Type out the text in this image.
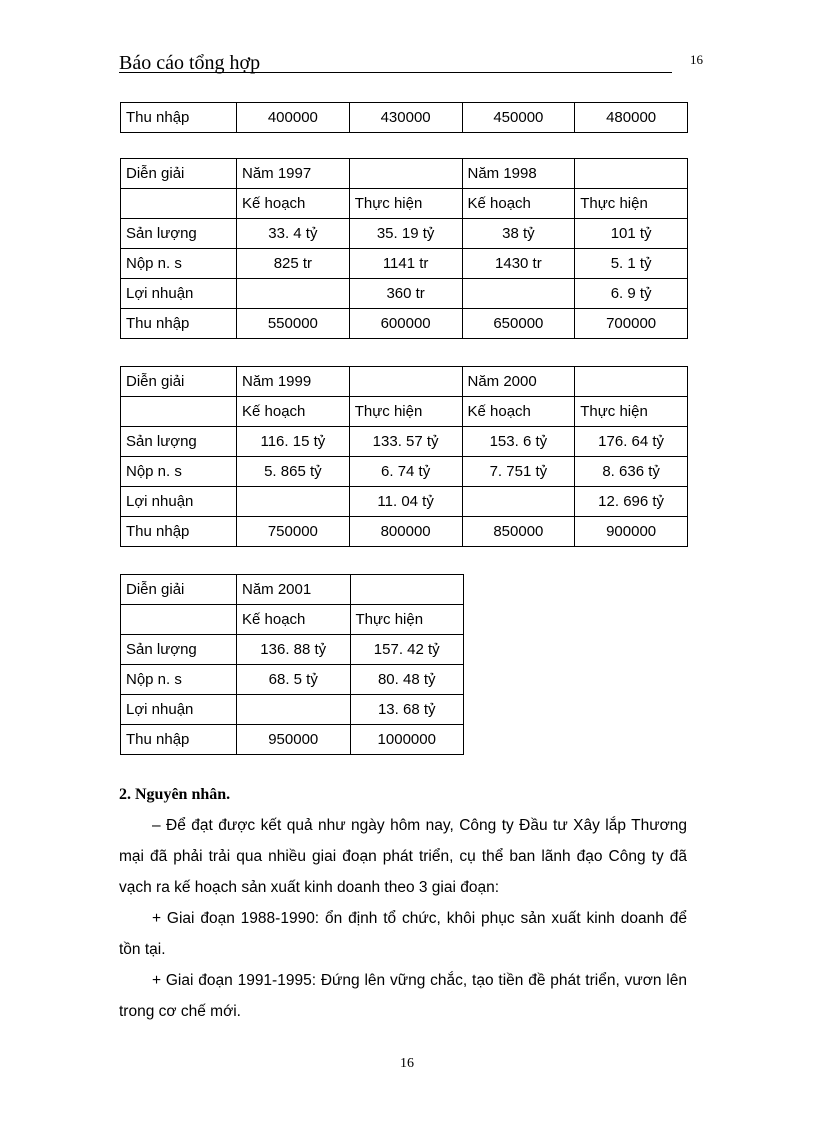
Báo cáo tổng hợp	16
Thu nhập	400000	430000	450000	480000
Diễn giải	Năm 1997		Năm 1998	
	Kế hoạch	Thực hiện	Kế hoạch	Thực hiện
Sản lượng	33. 4 tỷ	35. 19 tỷ	38 tỷ	101 tỷ
Nộp n. s	825 tr	1141 tr	1430 tr	5. 1 tỷ
Lợi nhuận		360 tr		6. 9 tỷ
Thu nhập	550000	600000	650000	700000
Diễn giải	Năm 1999		Năm 2000	
	Kế hoạch	Thực hiện	Kế hoạch	Thực hiện
Sản lượng	116. 15 tỷ	133. 57 tỷ	153. 6 tỷ	176. 64 tỷ
Nộp n. s	5. 865 tỷ	6. 74 tỷ	7. 751 tỷ	8. 636 tỷ
Lợi nhuận		11. 04 tỷ		12. 696 tỷ
Thu nhập	750000	800000	850000	900000
Diễn giải	Năm 2001	
	Kế hoạch	Thực hiện
Sản lượng	136. 88 tỷ	157. 42 tỷ
Nộp n. s	68. 5 tỷ	80. 48 tỷ
Lợi nhuận		13. 68 tỷ
Thu nhập	950000	1000000
2. Nguyên nhân.

– Để đạt được kết quả như ngày hôm nay, Công ty Đầu tư Xây lắp Thương mại đã phải trải qua nhiều giai đoạn phát triển, cụ thể ban lãnh đạo Công ty đã vạch ra kế hoạch sản xuất kinh doanh theo 3 giai đoạn:

+ Giai đoạn 1988-1990: ổn định tổ chức, khôi phục sản xuất kinh doanh để tồn tại.

+ Giai đoạn 1991-1995: Đứng lên vững chắc, tạo tiền đề phát triển, vươn lên trong cơ chế mới.

16
